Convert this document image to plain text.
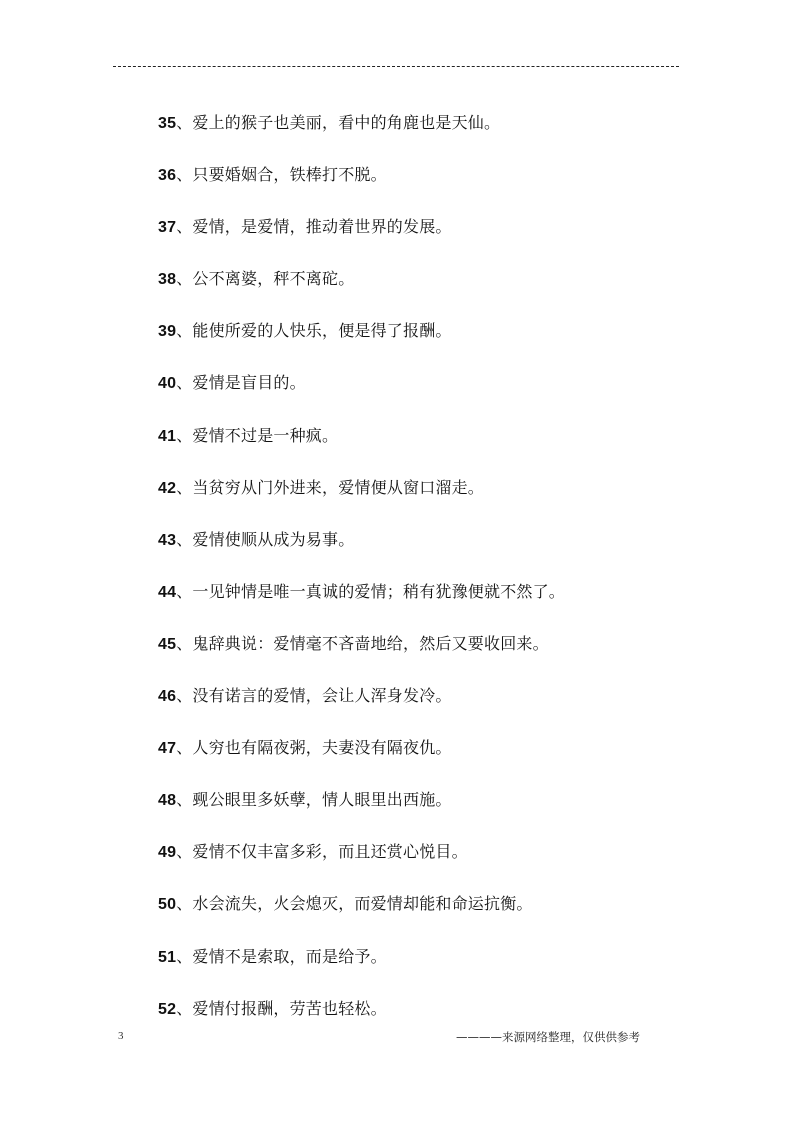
35、爱上的猴子也美丽，看中的角鹿也是天仙。
36、只要婚姻合，铁棒打不脱。
37、爱情，是爱情，推动着世界的发展。
38、公不离婆，秤不离砣。
39、能使所爱的人快乐，便是得了报酬。
40、爱情是盲目的。
41、爱情不过是一种疯。
42、当贫穷从门外进来，爱情便从窗口溜走。
43、爱情使顺从成为易事。
44、一见钟情是唯一真诚的爱情；稍有犹豫便就不然了。
45、鬼辞典说：爱情毫不吝啬地给，然后又要收回来。
46、没有诺言的爱情，会让人浑身发冷。
47、人穷也有隔夜粥，夫妻没有隔夜仇。
48、觋公眼里多妖孽，情人眼里出西施。
49、爱情不仅丰富多彩，而且还赏心悦目。
50、水会流失，火会熄灭，而爱情却能和命运抗衡。
51、爱情不是索取，而是给予。
52、爱情付报酬，劳苦也轻松。
3	————来源网络整理，仅供供参考
